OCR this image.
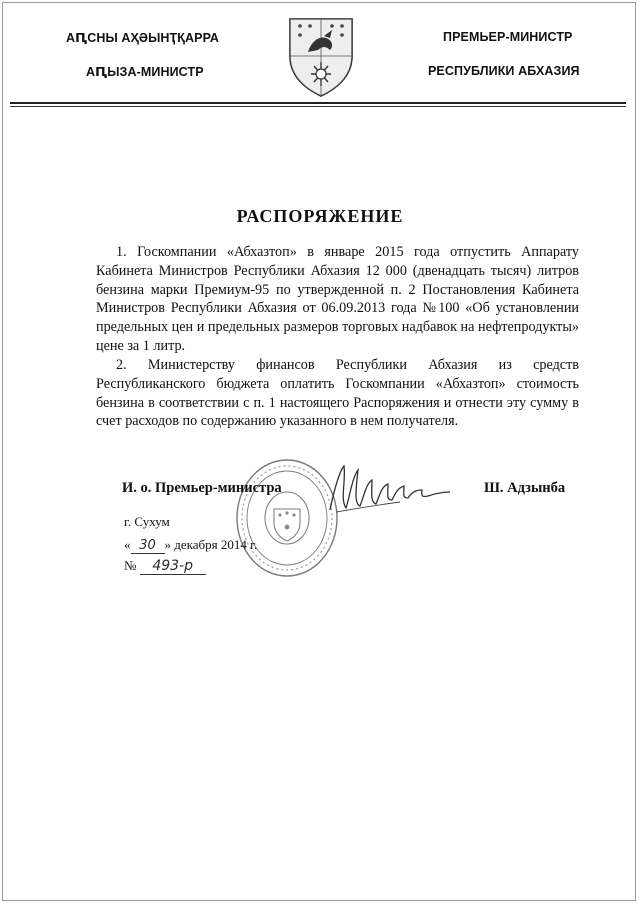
АԤСНЫ АҲӘЫНҬҚАРРА
АԤЫЗА-МИНИСТР
ПРЕМЬЕР-МИНИСТР
РЕСПУБЛИКИ АБХАЗИЯ
РАСПОРЯЖЕНИЕ
1. Госкомпании «Абхазтоп» в январе 2015 года отпустить Аппарату Кабинета Министров Республики Абхазия 12 000 (двенадцать тысяч) литров бензина марки Премиум-95 по утвержденной п. 2 Постановления Кабинета Министров Республики Абхазия от 06.09.2013 года №100 «Об установлении предельных цен и предельных размеров торговых надбавок на нефтепродукты» цене за 1 литр.
2. Министерству финансов Республики Абхазия из средств Республиканского бюджета оплатить Госкомпании «Абхазтоп» стоимость бензина в соответствии с п. 1 настоящего Распоряжения и отнести эту сумму в счет расходов по содержанию указанного в нем получателя.
И. о. Премьер-министра	Ш. Адзынба
г. Сухум
« 30 » декабря 2014 г.
№ 493-р
